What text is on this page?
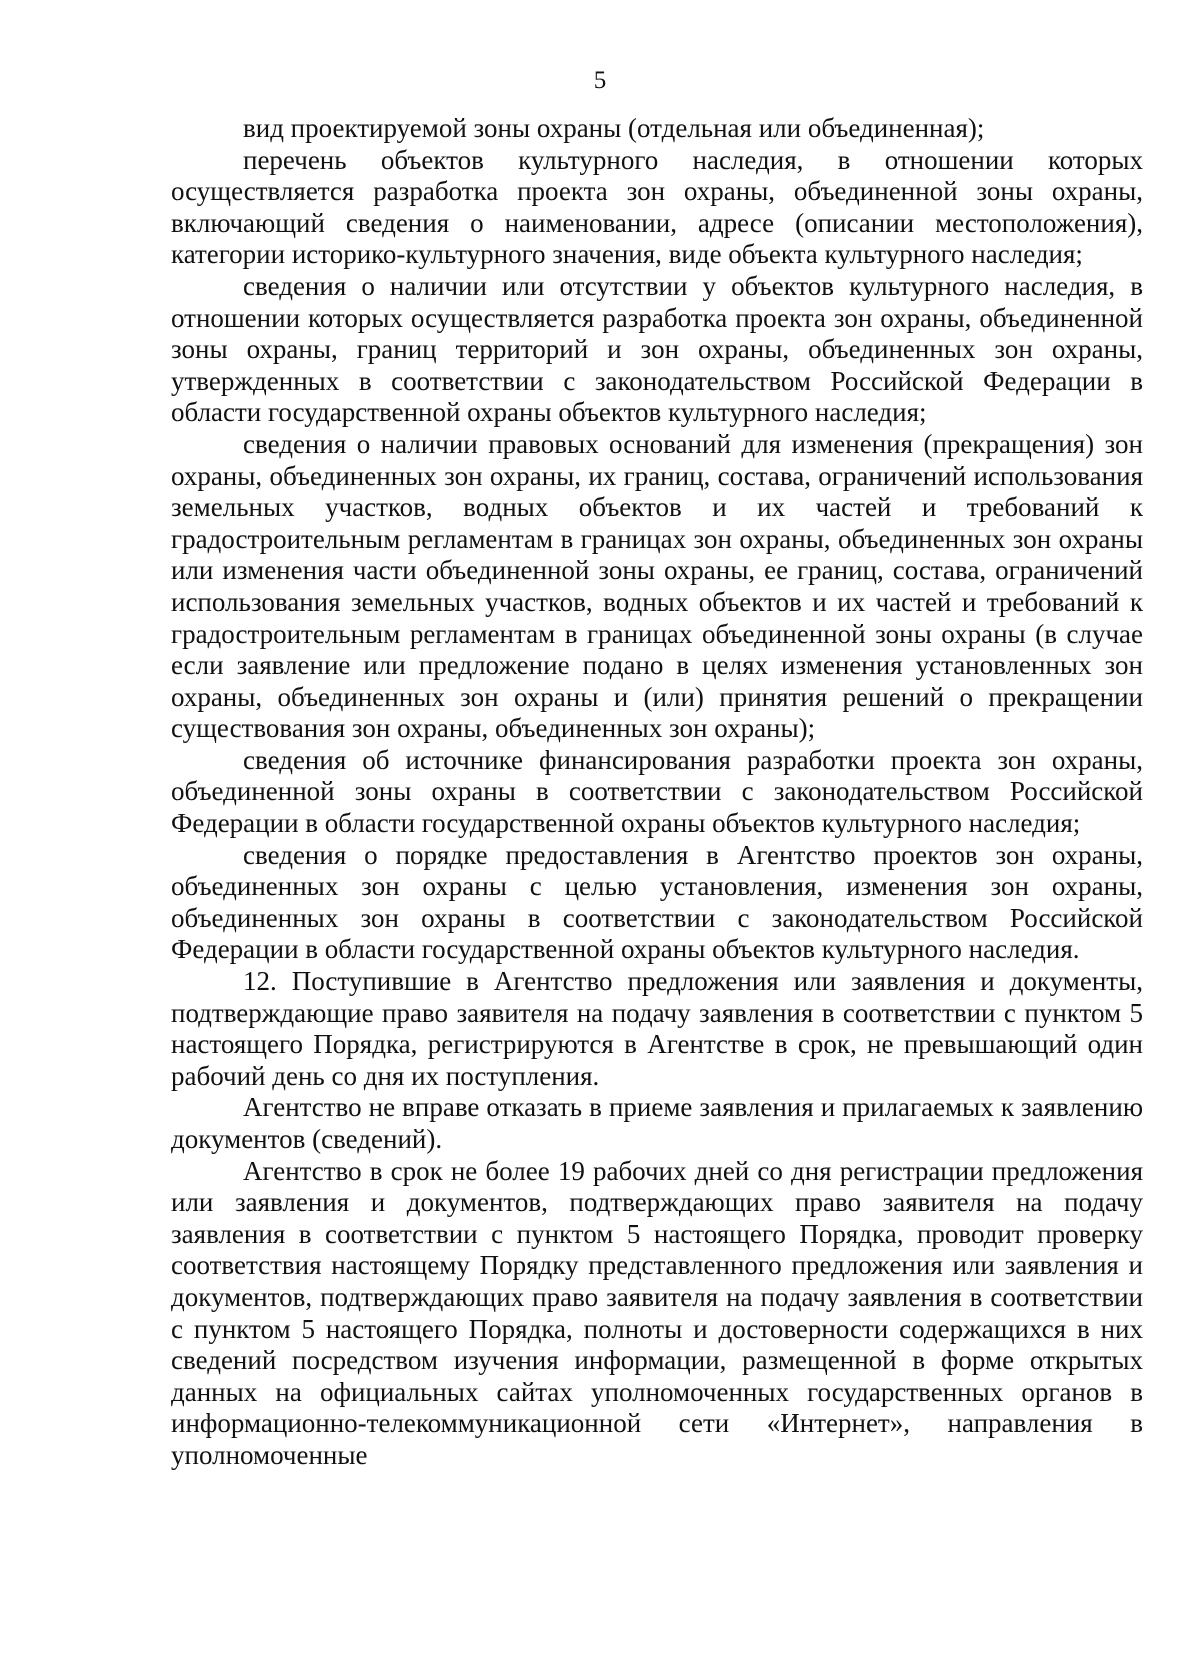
5

вид проектируемой зоны охраны (отдельная или объединенная);

перечень объектов культурного наследия, в отношении которых осуществляется разработка проекта зон охраны, объединенной зоны охраны, включающий сведения о наименовании, адресе (описании местоположения), категории историко-культурного значения, виде объекта культурного наследия;

сведения о наличии или отсутствии у объектов культурного наследия, в отношении которых осуществляется разработка проекта зон охраны, объединенной зоны охраны, границ территорий и зон охраны, объединенных зон охраны, утвержденных в соответствии с законодательством Российской Федерации в области государственной охраны объектов культурного наследия;

сведения о наличии правовых оснований для изменения (прекращения) зон охраны, объединенных зон охраны, их границ, состава, ограничений использования земельных участков, водных объектов и их частей и требований к градостроительным регламентам в границах зон охраны, объединенных зон охраны или изменения части объединенной зоны охраны, ее границ, состава, ограничений использования земельных участков, водных объектов и их частей и требований к градостроительным регламентам в границах объединенной зоны охраны (в случае если заявление или предложение подано в целях изменения установленных зон охраны, объединенных зон охраны и (или) принятия решений о прекращении существования зон охраны, объединенных зон охраны);

сведения об источнике финансирования разработки проекта зон охраны, объединенной зоны охраны в соответствии с законодательством Российской Федерации в области государственной охраны объектов культурного наследия;

сведения о порядке предоставления в Агентство проектов зон охраны, объединенных зон охраны с целью установления, изменения зон охраны, объединенных зон охраны в соответствии с законодательством Российской Федерации в области государственной охраны объектов культурного наследия.

12. Поступившие в Агентство предложения или заявления и документы, подтверждающие право заявителя на подачу заявления в соответствии с пунктом 5 настоящего Порядка, регистрируются в Агентстве в срок, не превышающий один рабочий день со дня их поступления.

Агентство не вправе отказать в приеме заявления и прилагаемых к заявлению документов (сведений).

Агентство в срок не более 19 рабочих дней со дня регистрации предложения или заявления и документов, подтверждающих право заявителя на подачу заявления в соответствии с пунктом 5 настоящего Порядка, проводит проверку соответствия настоящему Порядку представленного предложения или заявления и документов, подтверждающих право заявителя на подачу заявления в соответствии с пунктом 5 настоящего Порядка, полноты и достоверности содержащихся в них сведений посредством изучения информации, размещенной в форме открытых данных на официальных сайтах уполномоченных государственных органов в информационно-телекоммуникационной сети «Интернет», направления в уполномоченные
